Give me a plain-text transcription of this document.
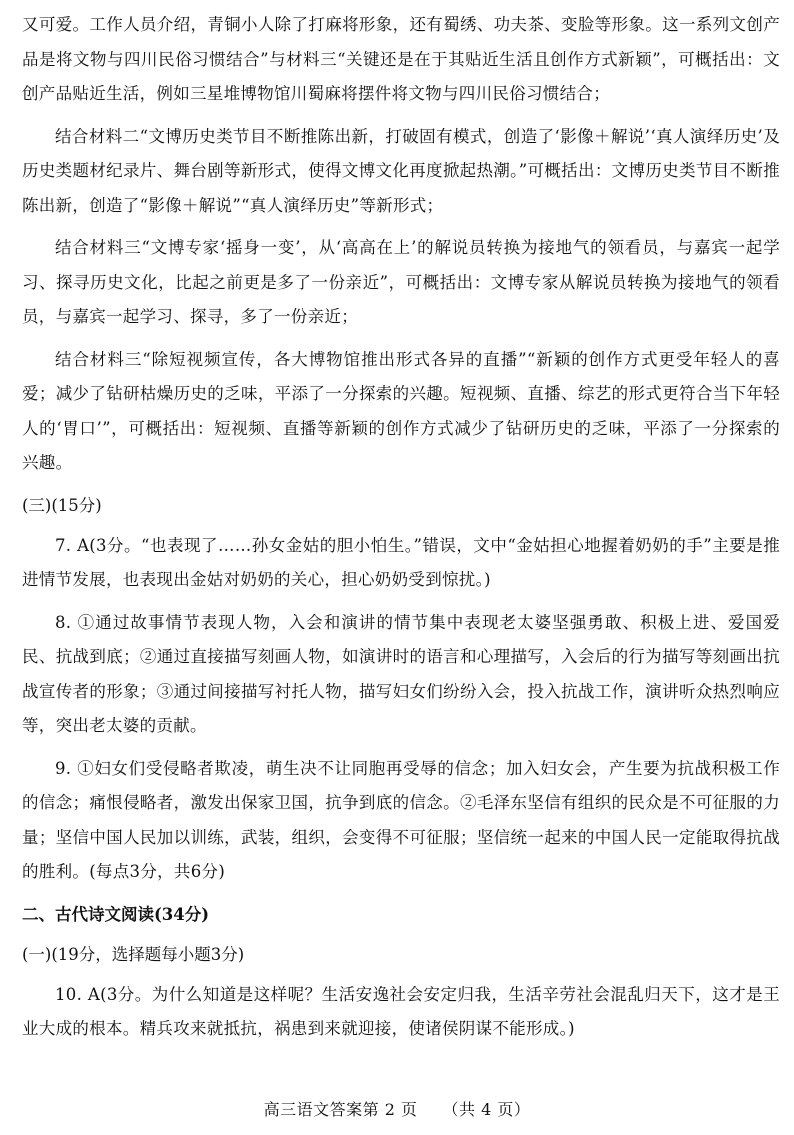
又可爱。工作人员介绍，青铜小人除了打麻将形象，还有蜀绣、功夫茶、变脸等形象。这一系列文创产品是将文物与四川民俗习惯结合”与材料三“关键还是在于其贴近生活且创作方式新颖”，可概括出：文创产品贴近生活，例如三星堆博物馆川蜀麻将摆件将文物与四川民俗习惯结合；

结合材料二“文博历史类节目不断推陈出新，打破固有模式，创造了‘影像＋解说’‘真人演绎历史’及历史类题材纪录片、舞台剧等新形式，使得文博文化再度掀起热潮。”可概括出：文博历史类节目不断推陈出新，创造了“影像＋解说”“真人演绎历史”等新形式；

结合材料三“文博专家‘摇身一变’，从‘高高在上’的解说员转换为接地气的领看员，与嘉宾一起学习、探寻历史文化，比起之前更是多了一份亲近”，可概括出：文博专家从解说员转换为接地气的领看员，与嘉宾一起学习、探寻，多了一份亲近；

结合材料三“除短视频宣传，各大博物馆推出形式各异的直播”“新颖的创作方式更受年轻人的喜爱；减少了钻研枯燥历史的乏味，平添了一分探索的兴趣。短视频、直播、综艺的形式更符合当下年轻人的‘胃口’”，可概括出：短视频、直播等新颖的创作方式减少了钻研历史的乏味，平添了一分探索的兴趣。

(三)(15分)

7. A(3分。“也表现了……孙女金姑的胆小怕生。”错误，文中“金姑担心地握着奶奶的手”主要是推进情节发展，也表现出金姑对奶奶的关心，担心奶奶受到惊扰。)

8. ①通过故事情节表现人物，入会和演讲的情节集中表现老太婆坚强勇敢、积极上进、爱国爱民、抗战到底；②通过直接描写刻画人物，如演讲时的语言和心理描写，入会后的行为描写等刻画出抗战宣传者的形象；③通过间接描写衬托人物，描写妇女们纷纷入会，投入抗战工作，演讲听众热烈响应等，突出老太婆的贡献。

9. ①妇女们受侵略者欺凌，萌生决不让同胞再受辱的信念；加入妇女会，产生要为抗战积极工作的信念；痛恨侵略者，激发出保家卫国，抗争到底的信念。②毛泽东坚信有组织的民众是不可征服的力量；坚信中国人民加以训练，武装，组织，会变得不可征服；坚信统一起来的中国人民一定能取得抗战的胜利。(每点3分，共6分)

二、古代诗文阅读(34分)

(一)(19分，选择题每小题3分)

10. A(3分。为什么知道是这样呢？生活安逸社会安定归我，生活辛劳社会混乱归天下，这才是王业大成的根本。精兵攻来就抵抗，祸患到来就迎接，使诸侯阴谋不能形成。)

高三语文答案第 2 页　　（共 4 页）
